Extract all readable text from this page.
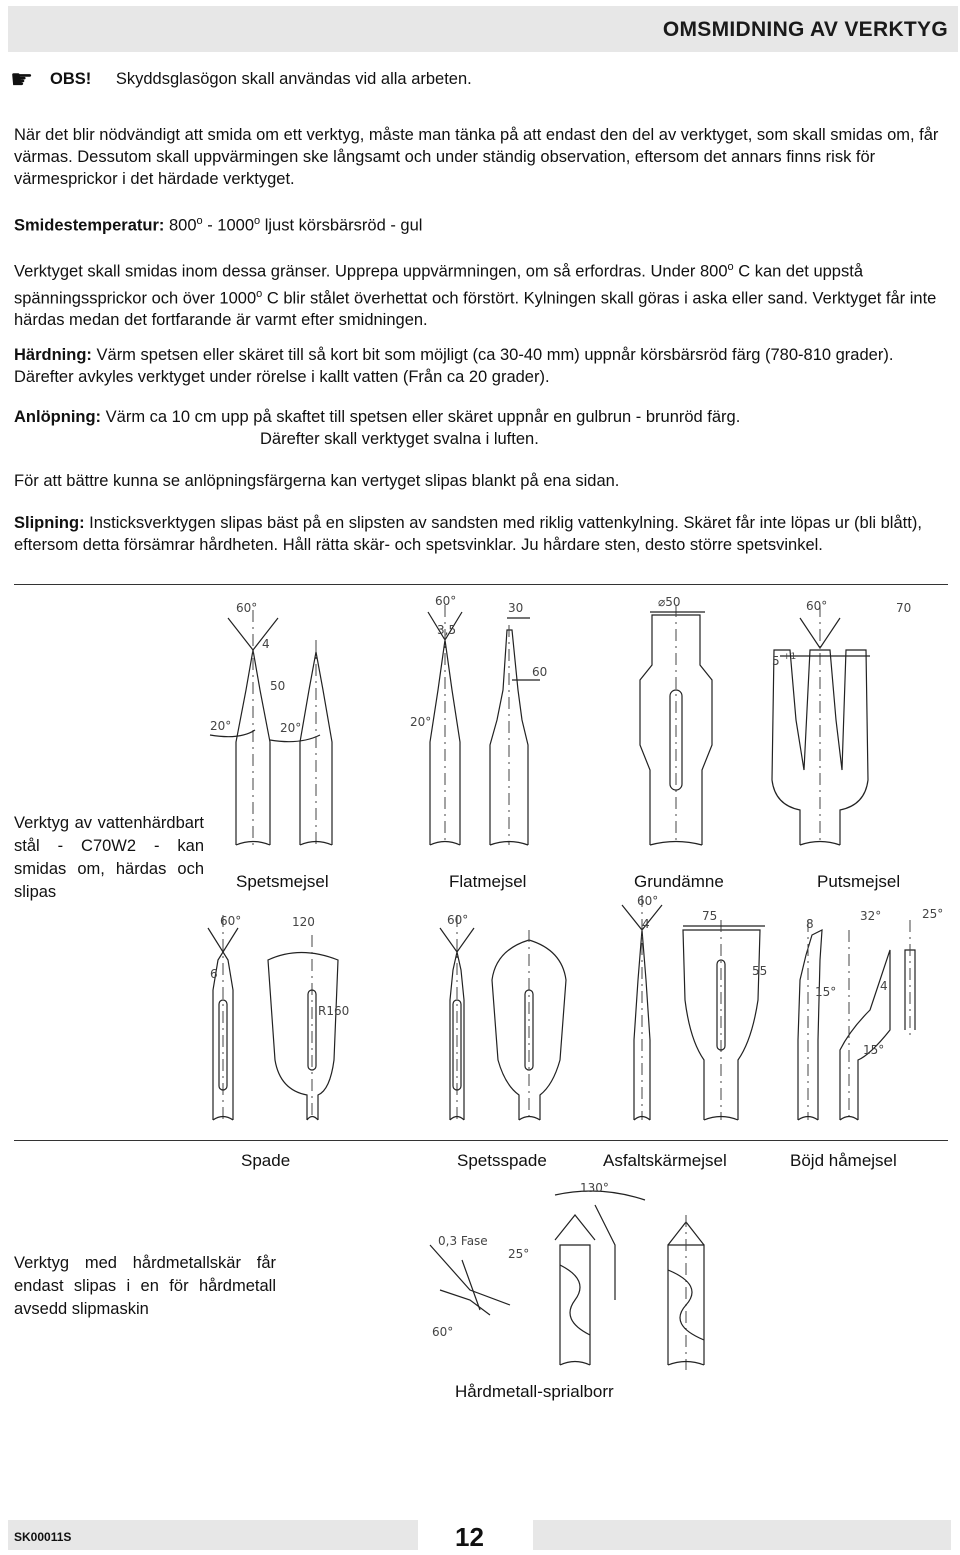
OMSMIDNING AV VERKTYG
☛	OBS! Skyddsglasögon skall användas vid alla arbeten.
När det blir nödvändigt att smida om ett verktyg, måste man tänka på att endast den del av verktyget, som skall smidas om, får värmas. Dessutom skall uppvärmingen ske långsamt och under ständig observation, eftersom det annars finns risk för värmesprickor i det härdade verktyget.
Smidestemperatur: 800$^o$ - 1000$^o$ ljust körsbärsröd - gul
Verktyget skall smidas inom dessa gränser. Upprepa uppvärmningen, om så erfordras. Under 800$^o$ C kan det uppstå spänningssprickor och över 1000$^o$ C blir stålet överhettat och förstört. Kylningen skall göras i aska eller sand. Verktyget får inte härdas medan det fortfarande är varmt efter smidningen.
Härdning: Värm spetsen eller skäret till så kort bit som möjligt (ca 30-40 mm) uppnår körsbärsröd färg (780-810 grader). Därefter avkyles verktyget under rörelse i kallt vatten (Från ca 20 grader).
Anlöpning: Värm ca 10 cm upp på skaftet till spetsen eller skäret uppnår en gulbrun - brunröd färg.
Därefter skall verktyget svalna i luften.
För att bättre kunna se anlöpningsfärgerna kan vertyget slipas blankt på ena sidan.
Slipning: Insticksverktygen slipas bäst på en slipsten av sandsten med riklig vattenkylning. Skäret får inte löpas ur (bli blått), eftersom detta försämrar hårdheten. Håll rätta skär- och spetsvinklar. Ju hårdare sten, desto större spetsvinkel.
60°
4
50
20°	20°
60°
3,5
30
60
20°
⌀50	60°	70
5 +1
60°	120
6
R160
60°
60°
75
4
55
8
32°	25°
15°	4
15°
130°
0,3 Fase
25°
60°
Verktyg av vattenhärdbart stål - C70W2 - kan smidas om, härdas och slipas
Spetsmejsel	Flatmejsel	Grundämne	Putsmejsel
Spade	Spetsspade	Asfaltskärmejsel	Böjd håmejsel
Verktyg med hårdmetallskär får endast slipas i en för hårdmetall avsedd slipmaskin
Hårdmetall-sprialborr
SK00011S	12
